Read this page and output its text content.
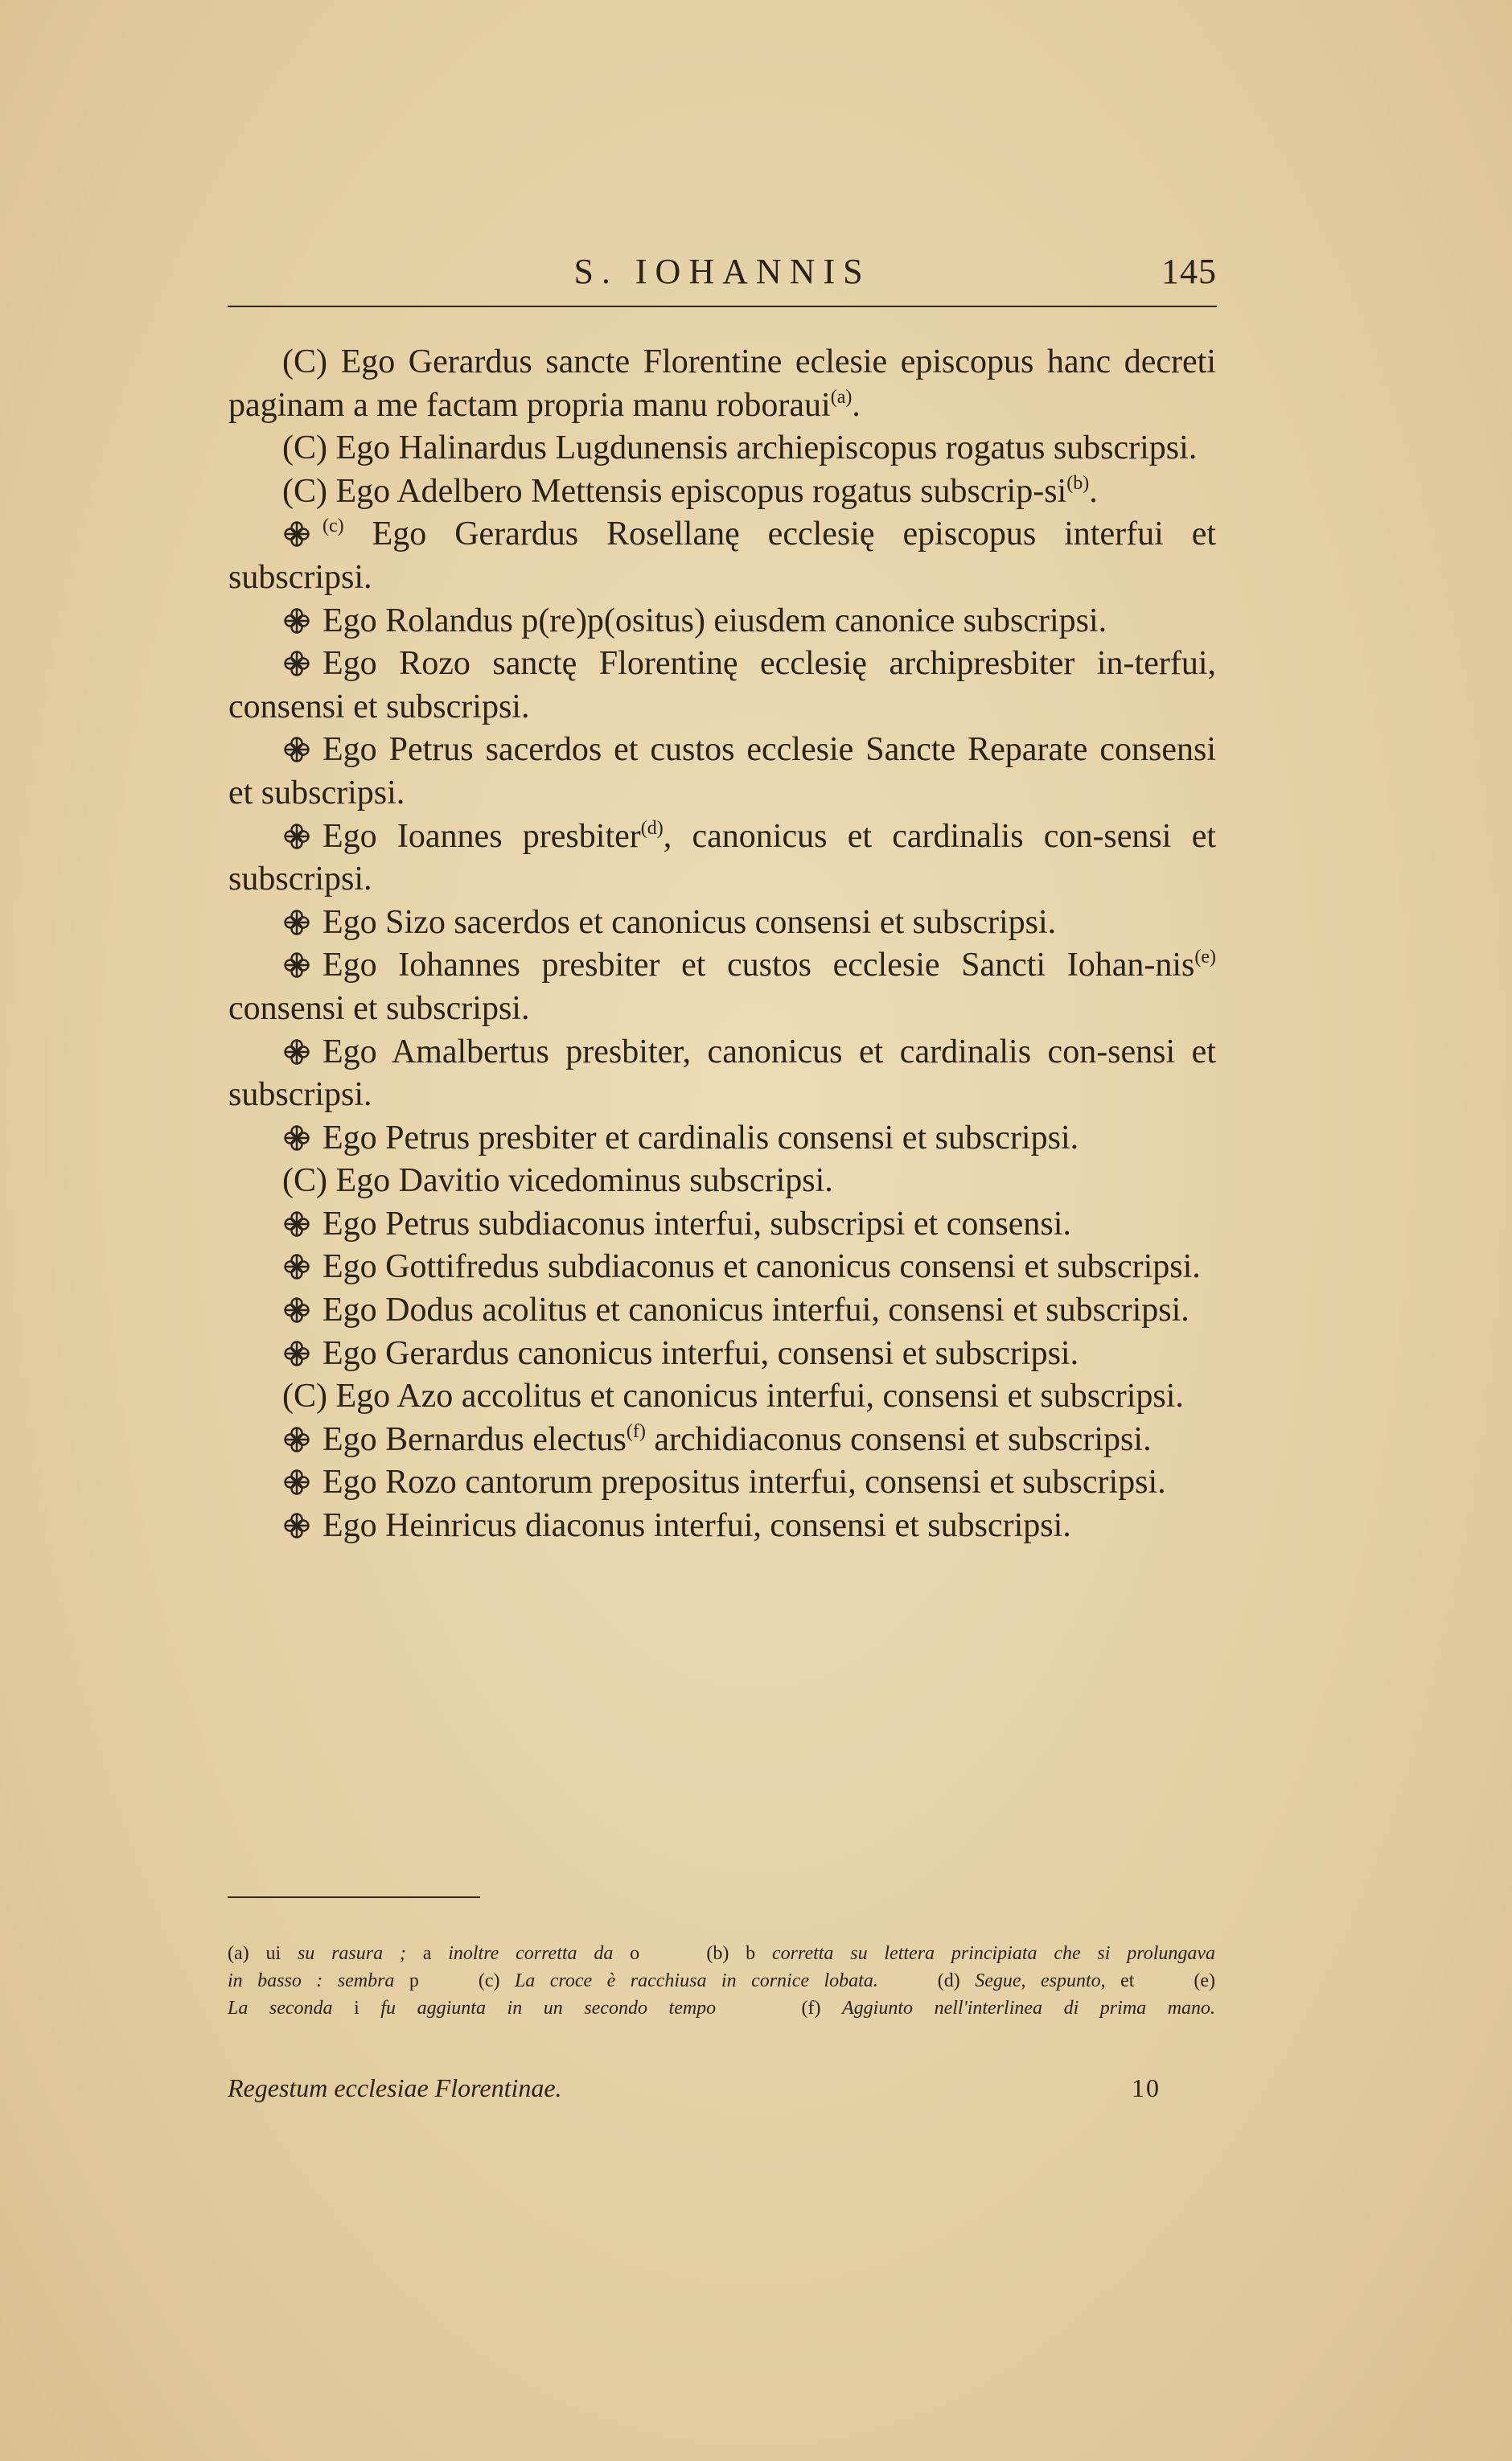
S. IOHANNIS	145

(C) Ego Gerardus sancte Florentine eclesie episcopus hanc decreti paginam a me factam propria manu roboraui$^{(a)}$.

(C) Ego Halinardus Lugdunensis archiepiscopus rogatus subscripsi.

(C) Ego Adelbero Mettensis episcopus rogatus subscrip-$si^{(b)}$.

$^{(c)}$ Ego Gerardus Rosellanę ecclesię episcopus interfui et subscripsi.

Ego Rolandus p(re)p(ositus) eiusdem canonice subscripsi.

Ego Rozo sanctę Florentinę ecclesię archipresbiter in-terfui, consensi et subscripsi.

Ego Petrus sacerdos et custos ecclesie Sancte Reparate consensi et subscripsi.

Ego Ioannes presbiter$^{(d)}$, canonicus et cardinalis con-sensi et subscripsi.

Ego Sizo sacerdos et canonicus consensi et subscripsi.

Ego Iohannes presbiter et custos ecclesie Sancti Iohan-nis$^{(e)}$ consensi et subscripsi.

Ego Amalbertus presbiter, canonicus et cardinalis con-sensi et subscripsi.

Ego Petrus presbiter et cardinalis consensi et subscripsi.

(C) Ego Davitio vicedominus subscripsi.

Ego Petrus subdiaconus interfui, subscripsi et consensi.

Ego Gottifredus subdiaconus et canonicus consensi et subscripsi.

Ego Dodus acolitus et canonicus interfui, consensi et subscripsi.

Ego Gerardus canonicus interfui, consensi et subscripsi.

(C) Ego Azo accolitus et canonicus interfui, consensi et subscripsi.

Ego Bernardus electus$^{(f)}$ archidiaconus consensi et subscripsi.

Ego Rozo cantorum prepositus interfui, consensi et subscripsi.

Ego Heinricus diaconus interfui, consensi et subscripsi.

(a) ui su rasura ; a inoltre corretta da o	(b) b corretta su lettera principiata che si prolungava
in basso : sembra p	(c) La croce è racchiusa in cornice lobata.	(d) Segue, espunto, et	(e)
La seconda i fu aggiunta in un secondo tempo	(f) Aggiunto nell'interlinea di prima mano.
Regestum ecclesiae Florentinae.	10
